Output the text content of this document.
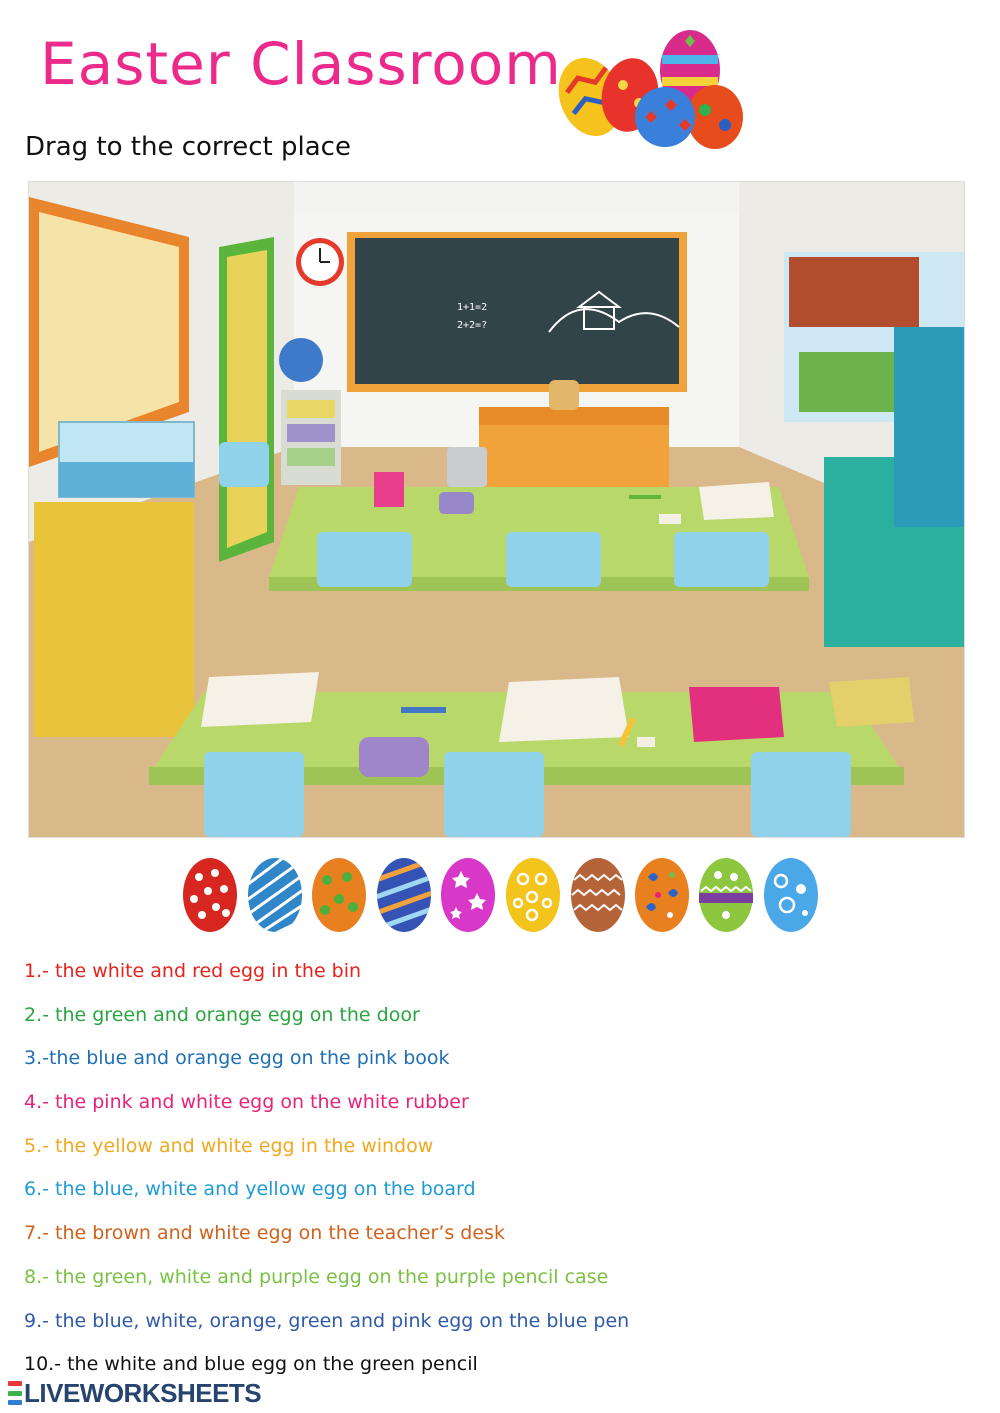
Easter Classroom
Drag to the correct place
1+1=2
2+2=?
1.- the white and red egg in the bin
2.- the green and orange egg on the door
3.-the blue and orange egg on the pink book
4.- the pink and white egg on the white rubber
5.- the yellow and white egg in the window
6.- the blue, white and yellow egg on the board
7.- the brown and white egg on the teacher’s desk
8.- the green, white and purple egg on the purple pencil case
9.- the blue, white, orange, green and pink egg on the blue pen
10.- the white and blue egg on the green pencil
LIVEWORKSHEETS
